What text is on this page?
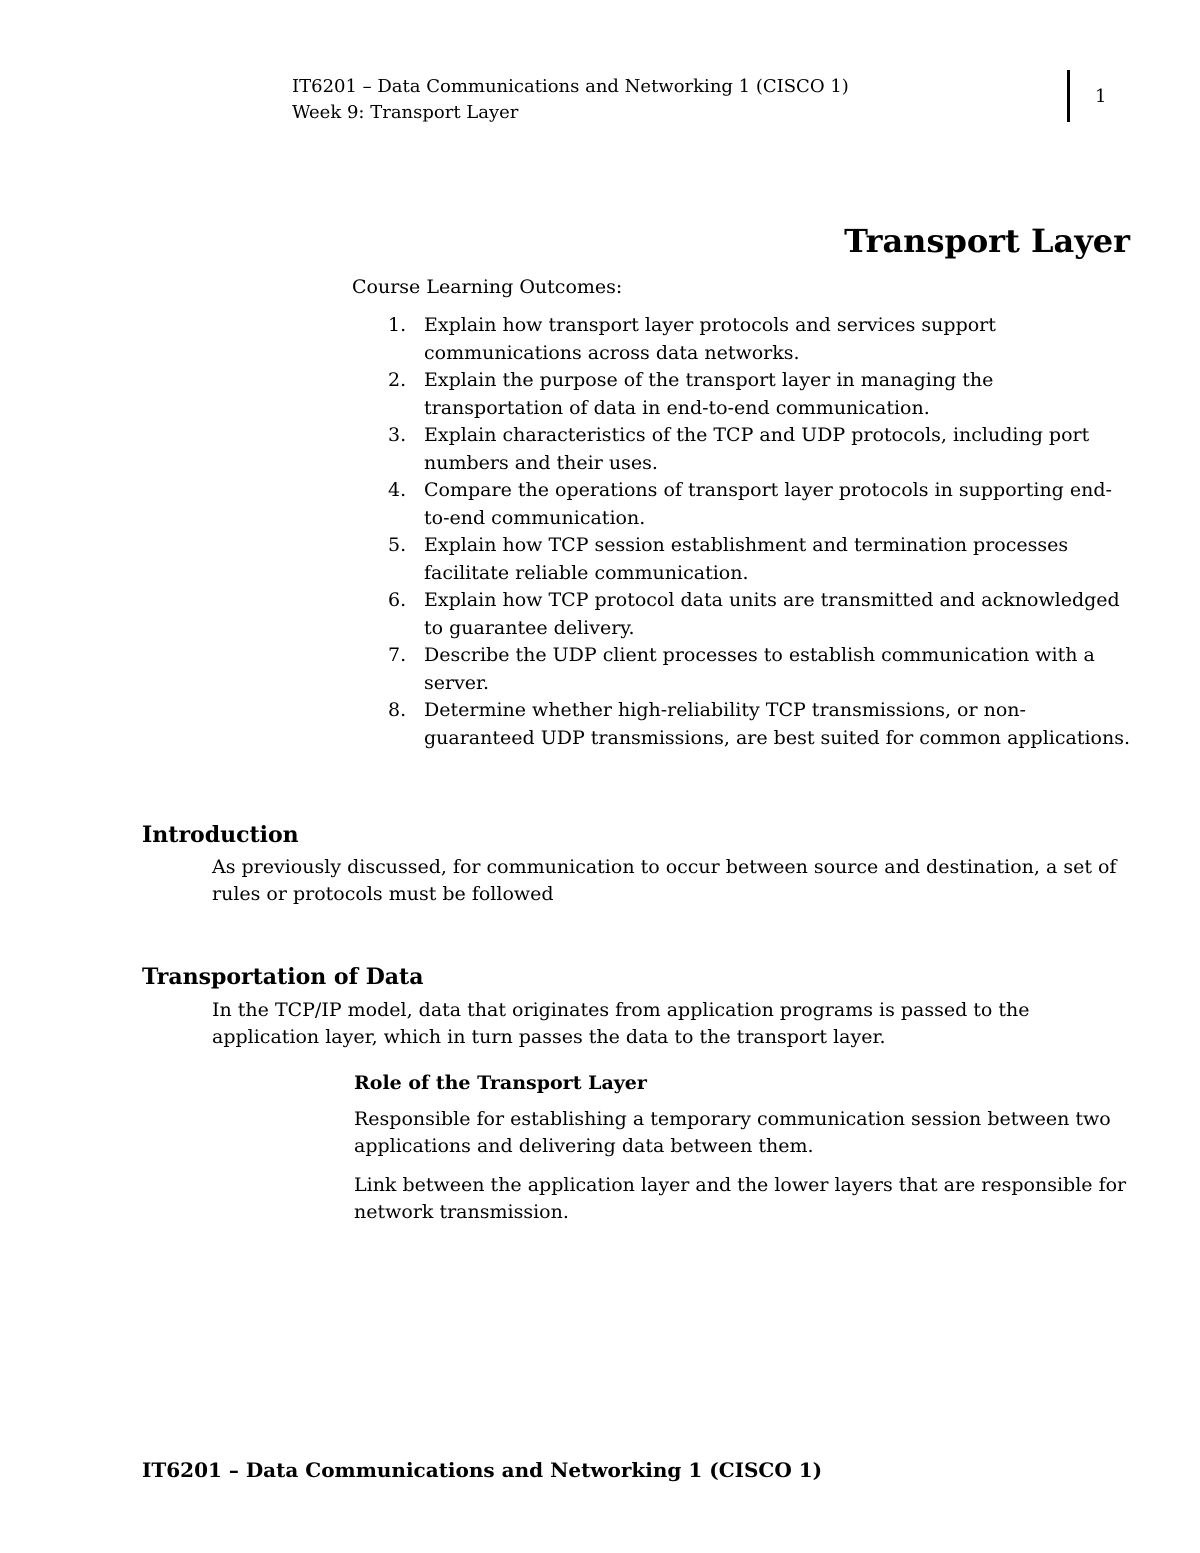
IT6201 – Data Communications and Networking 1 (CISCO 1)
Week 9: Transport Layer
1
Transport Layer
Course Learning Outcomes:
1. Explain how transport layer protocols and services support communications across data networks.
2. Explain the purpose of the transport layer in managing the transportation of data in end-to-end communication.
3. Explain characteristics of the TCP and UDP protocols, including port numbers and their uses.
4. Compare the operations of transport layer protocols in supporting end-to-end communication.
5. Explain how TCP session establishment and termination processes facilitate reliable communication.
6. Explain how TCP protocol data units are transmitted and acknowledged to guarantee delivery.
7. Describe the UDP client processes to establish communication with a server.
8. Determine whether high-reliability TCP transmissions, or non-guaranteed UDP transmissions, are best suited for common applications.
Introduction

As previously discussed, for communication to occur between source and destination, a set of rules or protocols must be followed

Transportation of Data

In the TCP/IP model, data that originates from application programs is passed to the application layer, which in turn passes the data to the transport layer.

Role of the Transport Layer

Responsible for establishing a temporary communication session between two applications and delivering data between them.

Link between the application layer and the lower layers that are responsible for network transmission.

IT6201 – Data Communications and Networking 1 (CISCO 1)
